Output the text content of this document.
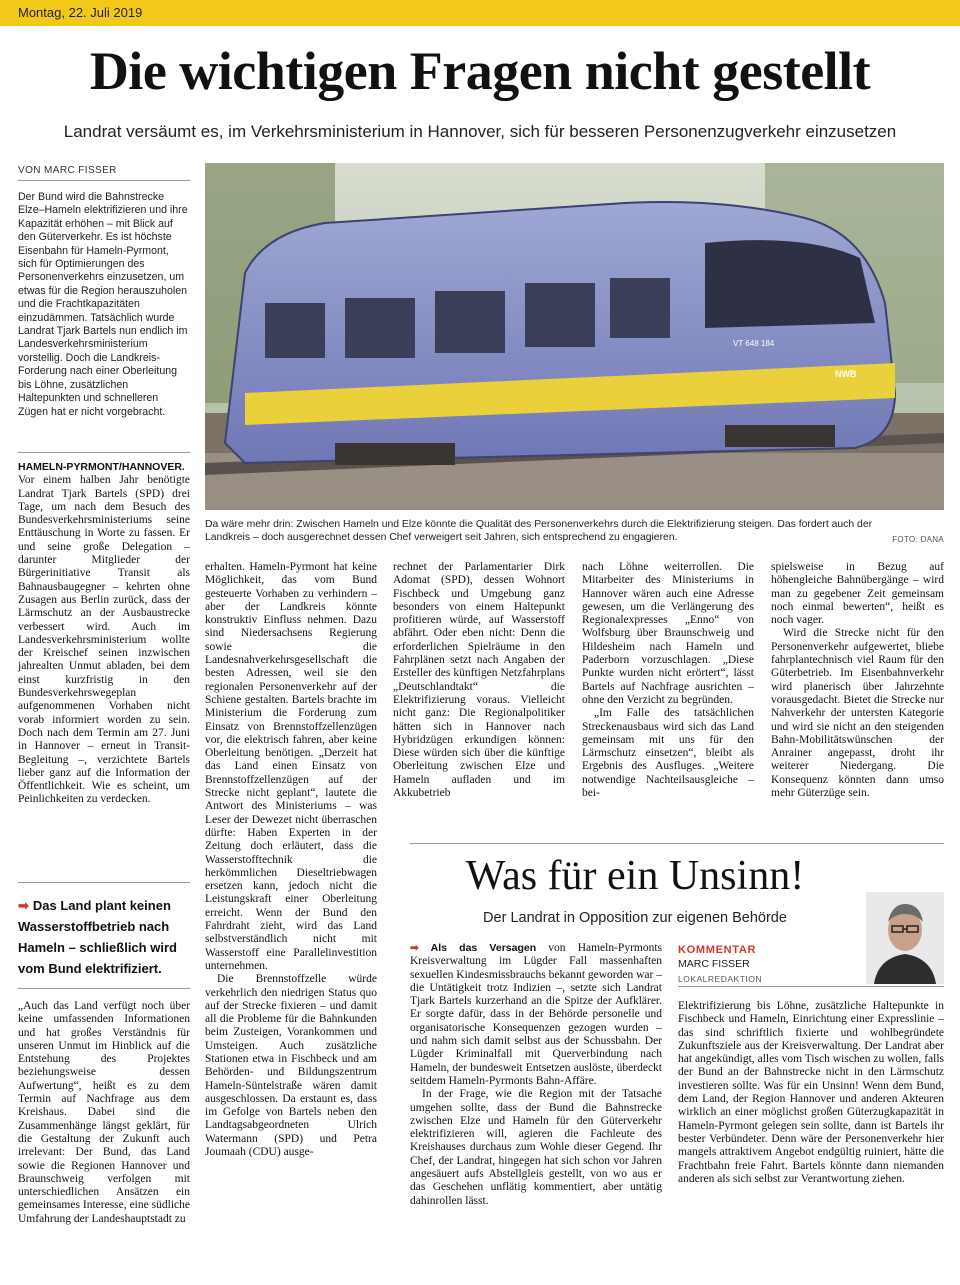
Montag, 22. Juli 2019
Die wichtigen Fragen nicht gestellt
Landrat versäumt es, im Verkehrsministerium in Hannover, sich für besseren Personenzugverkehr einzusetzen
VON MARC FISSER
Der Bund wird die Bahnstrecke Elze–Hameln elektrifizieren und ihre Kapazität erhöhen – mit Blick auf den Güterverkehr. Es ist höchste Eisenbahn für Hameln-Pyrmont, sich für Optimierungen des Personenverkehrs einzusetzen, um etwas für die Region herauszuholen und die Frachtkapazitäten einzudämmen. Tatsächlich wurde Landrat Tjark Bartels nun endlich im Landesverkehrsministerium vorstellig. Doch die Landkreis-Forderung nach einer Oberleitung bis Löhne, zusätzlichen Haltepunkten und schnelleren Zügen hat er nicht vorgebracht.
VT 648 184
NWB
Da wäre mehr drin: Zwischen Hameln und Elze könnte die Qualität des Personenverkehrs durch die Elektrifizierung steigen. Das fordert auch der Landkreis – doch ausgerechnet dessen Chef verweigert seit Jahren, sich entsprechend zu engagieren.	FOTO: DANA

HAMELN-PYRMONT/HANNOVER.

Vor einem halben Jahr benötigte Landrat Tjark Bartels (SPD) drei Tage, um nach dem Besuch des Bundesverkehrsministeriums seine Enttäuschung in Worte zu fassen. Er und seine große Delegation – darunter Mitglieder der Bürgerinitiative Transit als Bahnausbaugegner – kehrten ohne Zusagen aus Berlin zurück, dass der Lärmschutz an der Ausbaustrecke verbessert wird. Auch im Landesverkehrsministerium wollte der Kreischef seinen inzwischen jahrealten Unmut abladen, bei dem einst kurzfristig in den Bundesverkehrswegeplan aufgenommenen Vorhaben nicht vorab informiert worden zu sein. Doch nach dem Termin am 27. Juni in Hannover – erneut in Transit-Begleitung –, verzichtete Bartels lieber ganz auf die Information der Öffentlichkeit. Wie es scheint, um Peinlichkeiten zu verdecken.

➡ Das Land plant keinen Wasserstoffbetrieb nach Hameln – schließlich wird vom Bund elektrifiziert.

„Auch das Land verfügt noch über keine umfassenden Informationen und hat großes Verständnis für unseren Unmut im Hinblick auf die Entstehung des Projektes beziehungsweise dessen Aufwertung“, heißt es zu dem Termin auf Nachfrage aus dem Kreishaus. Dabei sind die Zusammenhänge längst geklärt, für die Gestaltung der Zukunft auch irrelevant: Der Bund, das Land sowie die Regionen Hannover und Braunschweig verfolgen mit unterschiedlichen Ansätzen ein gemeinsames Interesse, eine südliche Umfahrung der Landeshauptstadt zu

erhalten. Hameln-Pyrmont hat keine Möglichkeit, das vom Bund gesteuerte Vorhaben zu verhindern – aber der Landkreis könnte konstruktiv Einfluss nehmen. Dazu sind Niedersachsens Regierung sowie die Landesnahverkehrsgesellschaft die besten Adressen, weil sie den regionalen Personenverkehr auf der Schiene gestalten. Bartels brachte im Ministerium die Forderung zum Einsatz von Brennstoffzellenzügen vor, die elektrisch fahren, aber keine Oberleitung benötigen. „Derzeit hat das Land einen Einsatz von Brennstoffzellenzügen auf der Strecke nicht geplant“, lautete die Antwort des Ministeriums – was Leser der Dewezet nicht überraschen dürfte: Haben Experten in der Zeitung doch erläutert, dass die Wasserstofftechnik die herkömmlichen Dieseltriebwagen ersetzen kann, jedoch nicht die Leistungskraft einer Oberleitung erreicht. Wenn der Bund den Fahrdraht zieht, wird das Land selbstverständlich nicht mit Wasserstoff eine Parallelinvestition unternehmen.

Die Brennstoffzelle würde verkehrlich den niedrigen Status quo auf der Strecke fixieren – und damit all die Probleme für die Bahnkunden beim Zusteigen, Vorankommen und Umsteigen. Auch zusätzliche Stationen etwa in Fischbeck und am Behörden- und Bildungszentrum Hameln-Süntelstraße wären damit ausgeschlossen. Da erstaunt es, dass im Gefolge von Bartels neben den Landtagsabgeordneten Ulrich Watermann (SPD) und Petra Joumaah (CDU) ausge-

rechnet der Parlamentarier Dirk Adomat (SPD), dessen Wohnort Fischbeck und Umgebung ganz besonders von einem Haltepunkt profitieren würde, auf Wasserstoff abfährt. Oder eben nicht: Denn die erforderlichen Spielräume in den Fahrplänen setzt nach Angaben der Ersteller des künftigen Netzfahrplans „Deutschlandtakt“ die Elektrifizierung voraus. Vielleicht nicht ganz: Die Regionalpolitiker hätten sich in Hannover nach Hybridzügen erkundigen können: Diese würden sich über die künftige Oberleitung zwischen Elze und Hameln aufladen und im Akkubetrieb

nach Löhne weiterrollen. Die Mitarbeiter des Ministeriums in Hannover wären auch eine Adresse gewesen, um die Verlängerung des Regionalexpresses „Enno“ von Wolfsburg über Braunschweig und Hildesheim nach Hameln und Paderborn vorzuschlagen. „Diese Punkte wurden nicht erörtert“, lässt Bartels auf Nachfrage ausrichten – ohne den Verzicht zu begründen.

„Im Falle des tatsächlichen Streckenausbaus wird sich das Land gemeinsam mit uns für den Lärmschutz einsetzen“, bleibt als Ergebnis des Ausfluges. „Weitere notwendige Nachteilsausgleiche – bei-

spielsweise in Bezug auf höhengleiche Bahnübergänge – wird man zu gegebener Zeit gemeinsam noch einmal bewerten“, heißt es noch vager.

Wird die Strecke nicht für den Personenverkehr aufgewertet, bliebe fahrplantechnisch viel Raum für den Güterbetrieb. Im Eisenbahnverkehr wird planerisch über Jahrzehnte vorausgedacht. Bietet die Strecke nur Nahverkehr der untersten Kategorie und wird sie nicht an den steigenden Bahn-Mobilitätswünschen der Anrainer angepasst, droht ihr weiterer Niedergang. Die Konsequenz könnten dann umso mehr Güterzüge sein.

Was für ein Unsinn!
Der Landrat in Opposition zur eigenen Behörde
KOMMENTAR
MARC FISSER
LOKALREDAKTION

➡ Als das Versagen von Hameln-Pyrmonts Kreisverwaltung im Lügder Fall massenhaften sexuellen Kindesmissbrauchs bekannt geworden war – die Untätigkeit trotz Indizien –, setzte sich Landrat Tjark Bartels kurzerhand an die Spitze der Aufklärer. Er sorgte dafür, dass in der Behörde personelle und organisatorische Konsequenzen gezogen wurden – und nahm sich damit selbst aus der Schussbahn. Der Lügder Kriminalfall mit Querverbindung nach Hameln, der bundesweit Entsetzen auslöste, überdeckt seitdem Hameln-Pyrmonts Bahn-Affäre.

In der Frage, wie die Region mit der Tatsache umgehen sollte, dass der Bund die Bahnstrecke zwischen Elze und Hameln für den Güterverkehr elektrifizieren will, agieren die Fachleute des Kreishauses durchaus zum Wohle dieser Gegend. Ihr Chef, der Landrat, hingegen hat sich schon vor Jahren angesäuert aufs Abstellgleis gestellt, von wo aus er das Geschehen unflätig kommentiert, aber untätig dahinrollen lässt.

Elektrifizierung bis Löhne, zusätzliche Haltepunkte in Fischbeck und Hameln, Einrichtung einer Expresslinie – das sind schriftlich fixierte und wohlbegründete Zukunftsziele aus der Kreisverwaltung. Der Landrat aber hat angekündigt, alles vom Tisch wischen zu wollen, falls der Bund an der Bahnstrecke nicht in den Lärmschutz investieren sollte. Was für ein Unsinn! Wenn dem Bund, dem Land, der Region Hannover und anderen Akteuren wirklich an einer möglichst großen Güterzugkapazität in Hameln-Pyrmont gelegen sein sollte, dann ist Bartels ihr bester Verbündeter. Denn wäre der Personenverkehr hier mangels attraktivem Angebot endgültig ruiniert, hätte die Frachtbahn freie Fahrt. Bartels könnte dann niemanden anderen als sich selbst zur Verantwortung ziehen.
